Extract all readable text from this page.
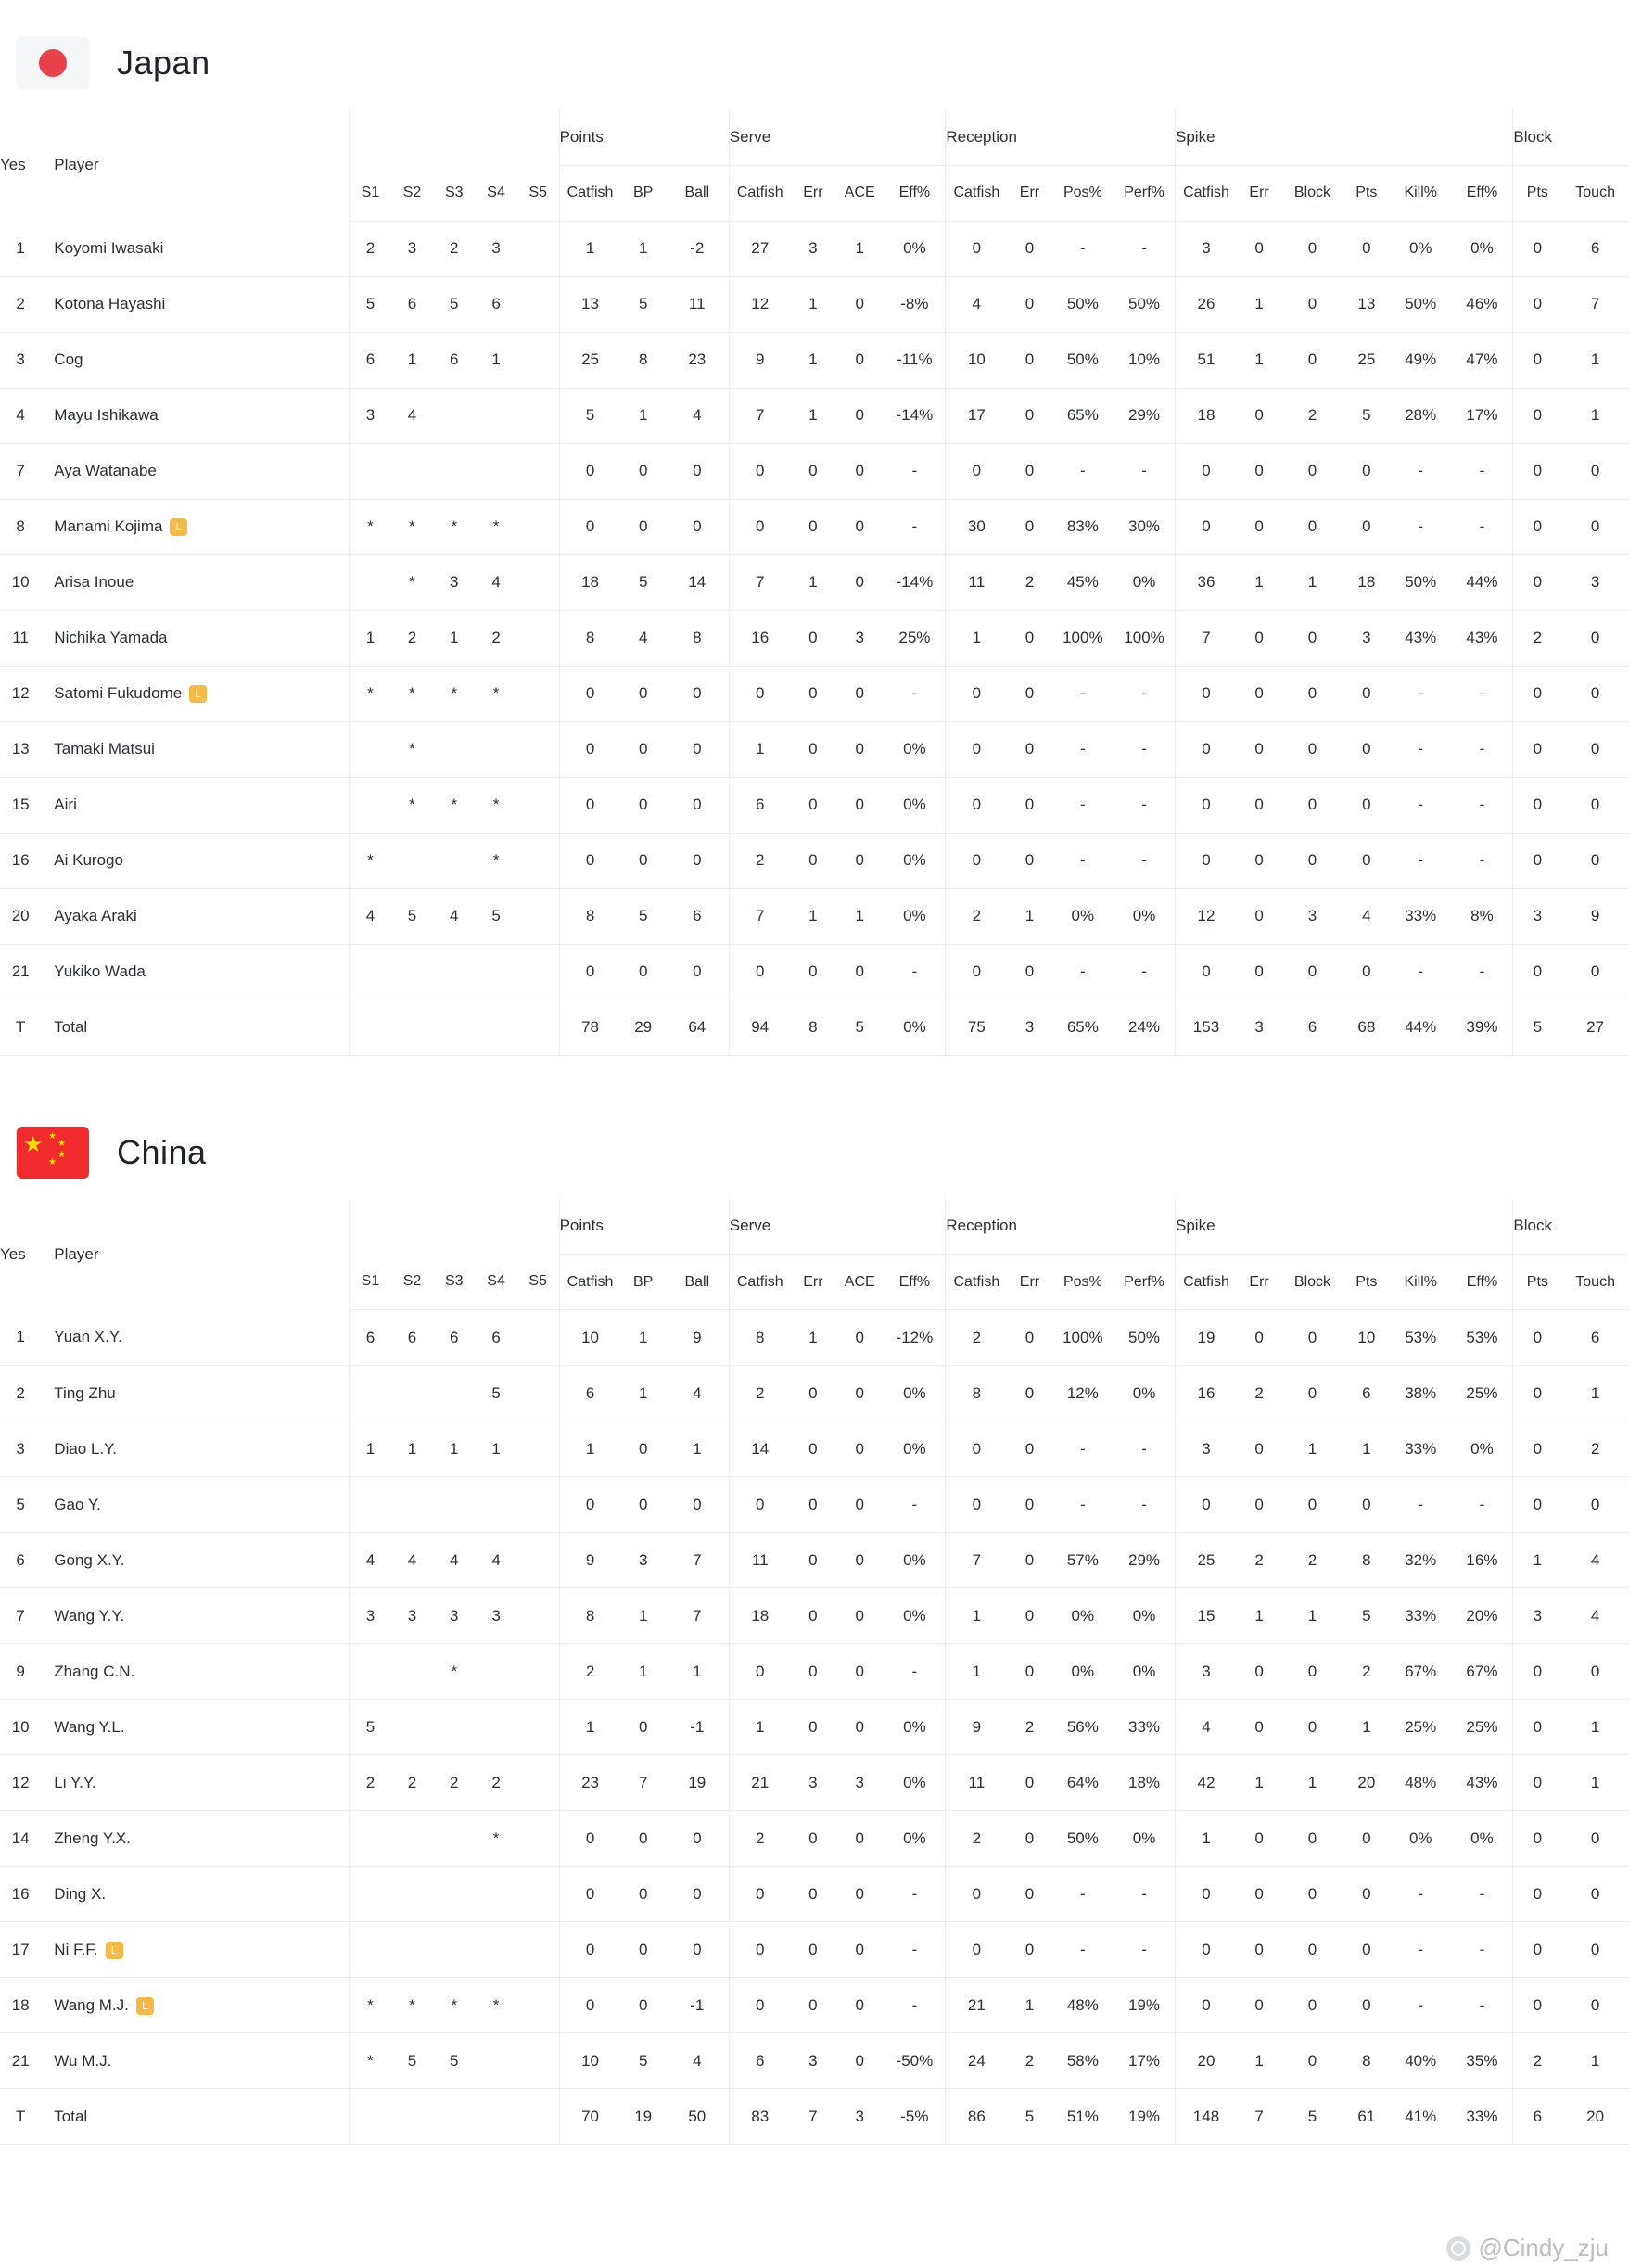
Japan
Yes	Player						Points			Serve				Reception				Spike						Block	
		S1	S2	S3	S4	S5	Catfish	BP	Ball	Catfish	Err	ACE	Eff%	Catfish	Err	Pos%	Perf%	Catfish	Err	Block	Pts	Kill%	Eff%	Pts	Touch
1	Koyomi Iwasaki	2	3	2	3		1	1	-2	27	3	1	0%	0	0	-	-	3	0	0	0	0%	0%	0	6
2	Kotona Hayashi	5	6	5	6		13	5	11	12	1	0	-8%	4	0	50%	50%	26	1	0	13	50%	46%	0	7
3	Cog	6	1	6	1		25	8	23	9	1	0	-11%	10	0	50%	10%	51	1	0	25	49%	47%	0	1
4	Mayu Ishikawa	3	4				5	1	4	7	1	0	-14%	17	0	65%	29%	18	0	2	5	28%	17%	0	1
7	Aya Watanabe						0	0	0	0	0	0	-	0	0	-	-	0	0	0	0	-	-	0	0
8	Manami Kojima L	*	*	*	*		0	0	0	0	0	0	-	30	0	83%	30%	0	0	0	0	-	-	0	0
10	Arisa Inoue		*	3	4		18	5	14	7	1	0	-14%	11	2	45%	0%	36	1	1	18	50%	44%	0	3
11	Nichika Yamada	1	2	1	2		8	4	8	16	0	3	25%	1	0	100%	100%	7	0	0	3	43%	43%	2	0
12	Satomi Fukudome L	*	*	*	*		0	0	0	0	0	0	-	0	0	-	-	0	0	0	0	-	-	0	0
13	Tamaki Matsui		*				0	0	0	1	0	0	0%	0	0	-	-	0	0	0	0	-	-	0	0
15	Airi		*	*	*		0	0	0	6	0	0	0%	0	0	-	-	0	0	0	0	-	-	0	0
16	Ai Kurogo	*			*		0	0	0	2	0	0	0%	0	0	-	-	0	0	0	0	-	-	0	0
20	Ayaka Araki	4	5	4	5		8	5	6	7	1	1	0%	2	1	0%	0%	12	0	3	4	33%	8%	3	9
21	Yukiko Wada						0	0	0	0	0	0	-	0	0	-	-	0	0	0	0	-	-	0	0
T	Total						78	29	64	94	8	5	0%	75	3	65%	24%	153	3	6	68	44%	39%	5	27
★ ★
★
★
★ China
Yes	Player						Points			Serve				Reception				Spike						Block	
		S1	S2	S3	S4	S5	Catfish	BP	Ball	Catfish	Err	ACE	Eff%	Catfish	Err	Pos%	Perf%	Catfish	Err	Block	Pts	Kill%	Eff%	Pts	Touch
1	Yuan X.Y.	6	6	6	6		10	1	9	8	1	0	-12%	2	0	100%	50%	19	0	0	10	53%	53%	0	6
2	Ting Zhu				5		6	1	4	2	0	0	0%	8	0	12%	0%	16	2	0	6	38%	25%	0	1
3	Diao L.Y.	1	1	1	1		1	0	1	14	0	0	0%	0	0	-	-	3	0	1	1	33%	0%	0	2
5	Gao Y.						0	0	0	0	0	0	-	0	0	-	-	0	0	0	0	-	-	0	0
6	Gong X.Y.	4	4	4	4		9	3	7	11	0	0	0%	7	0	57%	29%	25	2	2	8	32%	16%	1	4
7	Wang Y.Y.	3	3	3	3		8	1	7	18	0	0	0%	1	0	0%	0%	15	1	1	5	33%	20%	3	4
9	Zhang C.N.			*			2	1	1	0	0	0	-	1	0	0%	0%	3	0	0	2	67%	67%	0	0
10	Wang Y.L.	5					1	0	-1	1	0	0	0%	9	2	56%	33%	4	0	0	1	25%	25%	0	1
12	Li Y.Y.	2	2	2	2		23	7	19	21	3	3	0%	11	0	64%	18%	42	1	1	20	48%	43%	0	1
14	Zheng Y.X.				*		0	0	0	2	0	0	0%	2	0	50%	0%	1	0	0	0	0%	0%	0	0
16	Ding X.						0	0	0	0	0	0	-	0	0	-	-	0	0	0	0	-	-	0	0
17	Ni F.F. L						0	0	0	0	0	0	-	0	0	-	-	0	0	0	0	-	-	0	0
18	Wang M.J. L	*	*	*	*		0	0	-1	0	0	0	-	21	1	48%	19%	0	0	0	0	-	-	0	0
21	Wu M.J.	*	5	5			10	5	4	6	3	0	-50%	24	2	58%	17%	20	1	0	8	40%	35%	2	1
T	Total						70	19	50	83	7	3	-5%	86	5	51%	19%	148	7	5	61	41%	33%	6	20
@Cindy_zju
